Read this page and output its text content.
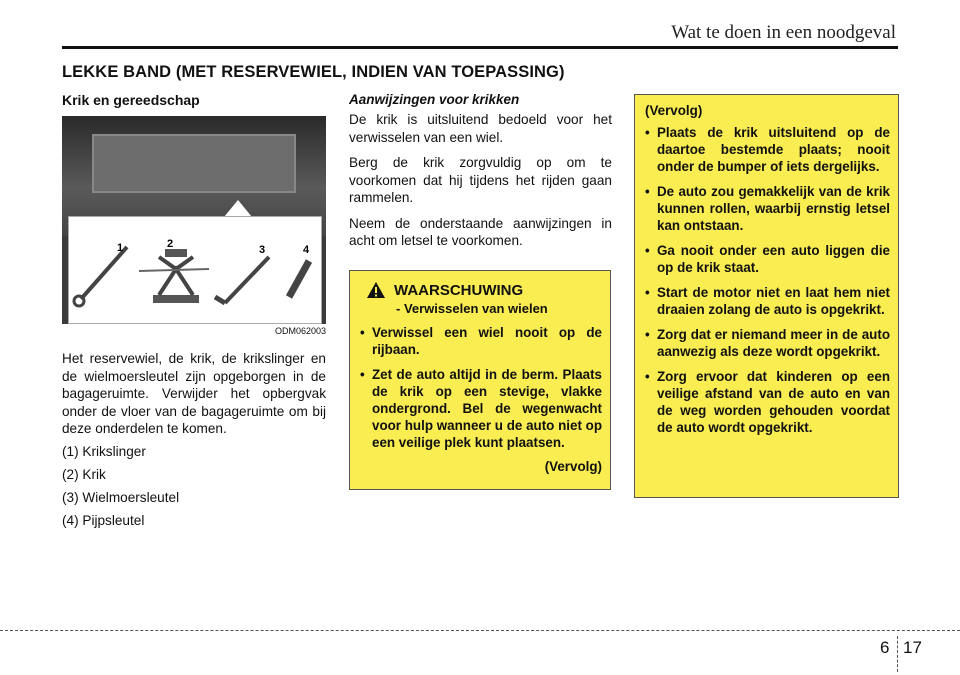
Wat te doen in een noodgeval
LEKKE BAND (MET RESERVEWIEL, INDIEN VAN TOEPASSING)
Krik en gereedschap
1	2	3	4
ODM062003

Het reservewiel, de krik, de krikslinger en de wielmoersleutel zijn opgeborgen in de bagageruimte. Verwijder het opbergvak onder de vloer van de bagageruimte om bij deze onderdelen te komen.

(1) Krikslinger
(2) Krik
(3) Wielmoersleutel
(4) Pijpsleutel
Aanwijzingen voor krikken

De krik is uitsluitend bedoeld voor het verwisselen van een wiel.

Berg de krik zorgvuldig op om te voorkomen dat hij tijdens het rijden gaan rammelen.

Neem de onderstaande aanwijzingen in acht om letsel te voorkomen.

WAARSCHUWING
- Verwisselen van wielen
• Verwissel een wiel nooit op de rijbaan.
• Zet de auto altijd in de berm. Plaats de krik op een stevige, vlakke ondergrond. Bel de wegenwacht voor hulp wanneer u de auto niet op een veilige plek kunt plaatsen.
(Vervolg)
(Vervolg)
• Plaats de krik uitsluitend op de daartoe bestemde plaats; nooit onder de bumper of iets dergelijks.
• De auto zou gemakkelijk van de krik kunnen rollen, waarbij ernstig letsel kan ontstaan.
• Ga nooit onder een auto liggen die op de krik staat.
• Start de motor niet en laat hem niet draaien zolang de auto is opgekrikt.
• Zorg dat er niemand meer in de auto aanwezig als deze wordt opgekrikt.
• Zorg ervoor dat kinderen op een veilige afstand van de auto en van de weg worden gehouden voordat de auto wordt opgekrikt.
6 17
